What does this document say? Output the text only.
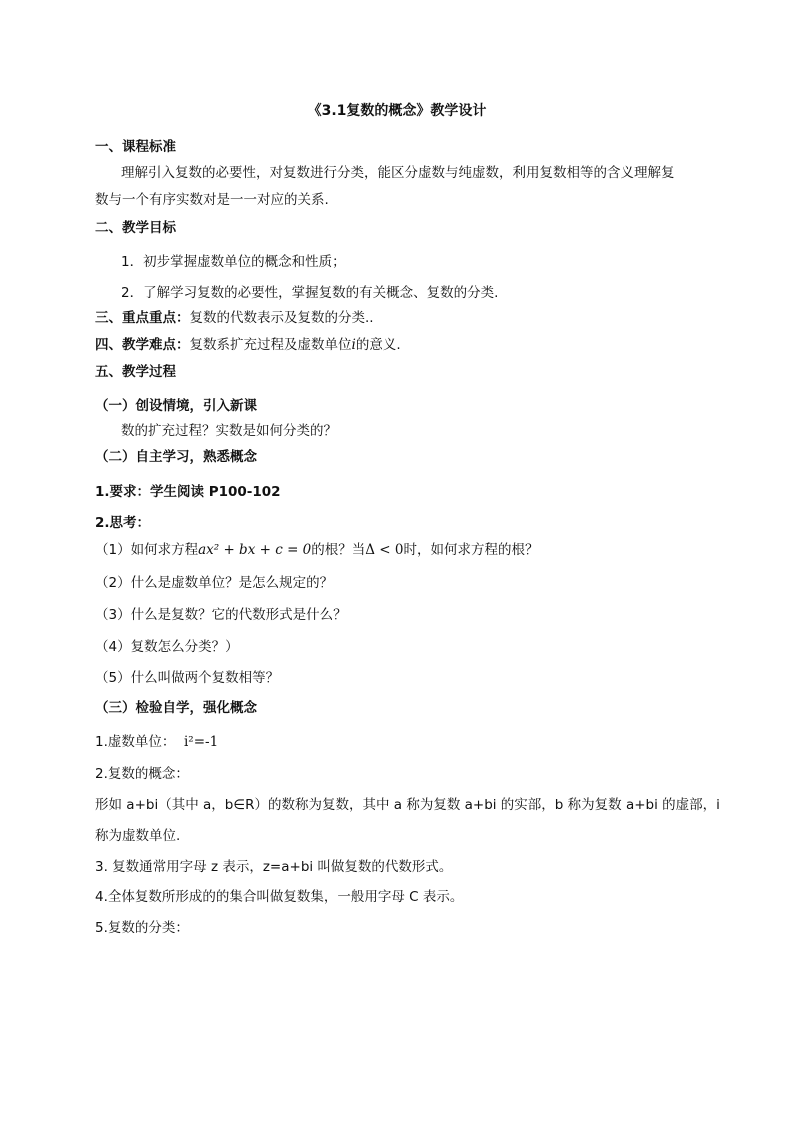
《3.1复数的概念》教学设计
一、课程标准
理解引入复数的必要性，对复数进行分类，能区分虚数与纯虚数，利用复数相等的含义理解复
数与一个有序实数对是一一对应的关系.
二、教学目标
1．初步掌握虚数单位的概念和性质；
2．了解学习复数的必要性，掌握复数的有关概念、复数的分类.
三、重点重点：复数的代数表示及复数的分类..
四、教学难点：复数系扩充过程及虚数单位i的意义.
五、教学过程
（一）创设情境，引入新课
数的扩充过程？实数是如何分类的？
（二）自主学习，熟悉概念
1.要求：学生阅读 P100-102
2.思考：
（1）如何求方程ax² + bx + c = 0的根？当Δ < 0时，如何求方程的根？
（2）什么是虚数单位？是怎么规定的？
（3）什么是复数？它的代数形式是什么？
（4）复数怎么分类？）
（5）什么叫做两个复数相等？
（三）检验自学，强化概念
1.虚数单位： i²=-1
2.复数的概念：
形如 a+bi（其中 a，b∈R）的数称为复数，其中 a 称为复数 a+bi 的实部，b 称为复数 a+bi 的虚部，i
称为虚数单位.
3. 复数通常用字母 z 表示，z=a+bi 叫做复数的代数形式。
4.全体复数所形成的的集合叫做复数集，一般用字母 C 表示。
5.复数的分类：
